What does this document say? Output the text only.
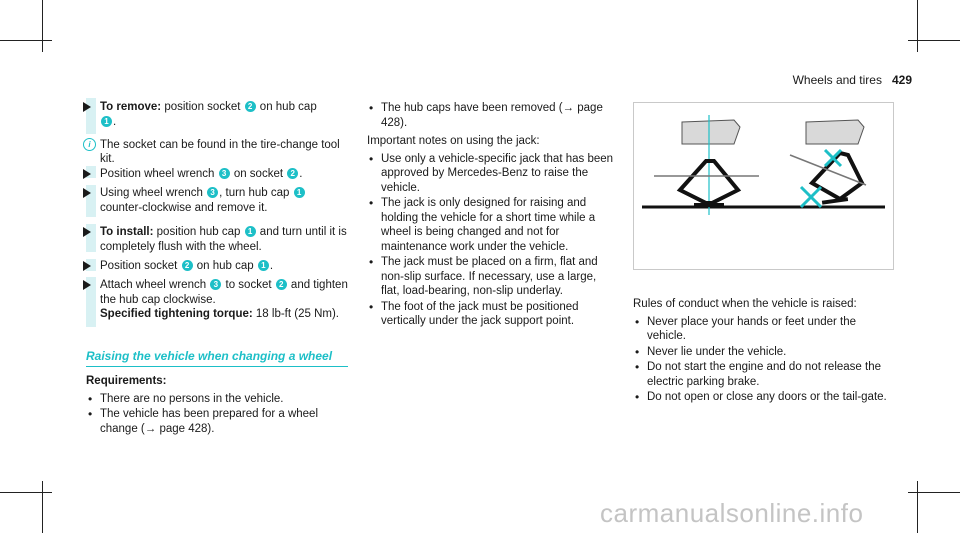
Wheels and tires 429
To remove: position socket 2 on hub cap
1 .
i The socket can be found in the tire-change tool kit.
Position wheel wrench 3 on socket 2 .
Using wheel wrench 3 , turn hub cap 1 counter-clockwise and remove it.
To install: position hub cap 1 and turn until it is completely flush with the wheel.
Position socket 2 on hub cap 1 .
Attach wheel wrench 3 to socket 2 and tighten the hub cap clockwise.
Specified tightening torque: 18 lb-ft (25 Nm).
Raising the vehicle when changing a wheel
Requirements:
• There are no persons in the vehicle.
• The vehicle has been prepared for a wheel change (→ page 428).
• The hub caps have been removed (→ page 428).
Important notes on using the jack:
• Use only a vehicle-specific jack that has been approved by Mercedes-Benz to raise the vehicle.
• The jack is only designed for raising and holding the vehicle for a short time while a wheel is being changed and not for maintenance work under the vehicle.
• The jack must be placed on a firm, flat and non-slip surface. If necessary, use a large, flat, load-bearing, non-slip underlay.
• The foot of the jack must be positioned vertically under the jack support point.
Rules of conduct when the vehicle is raised:
• Never place your hands or feet under the vehicle.
• Never lie under the vehicle.
• Do not start the engine and do not release the electric parking brake.
• Do not open or close any doors or the tail-gate.
carmanualsonline.info
